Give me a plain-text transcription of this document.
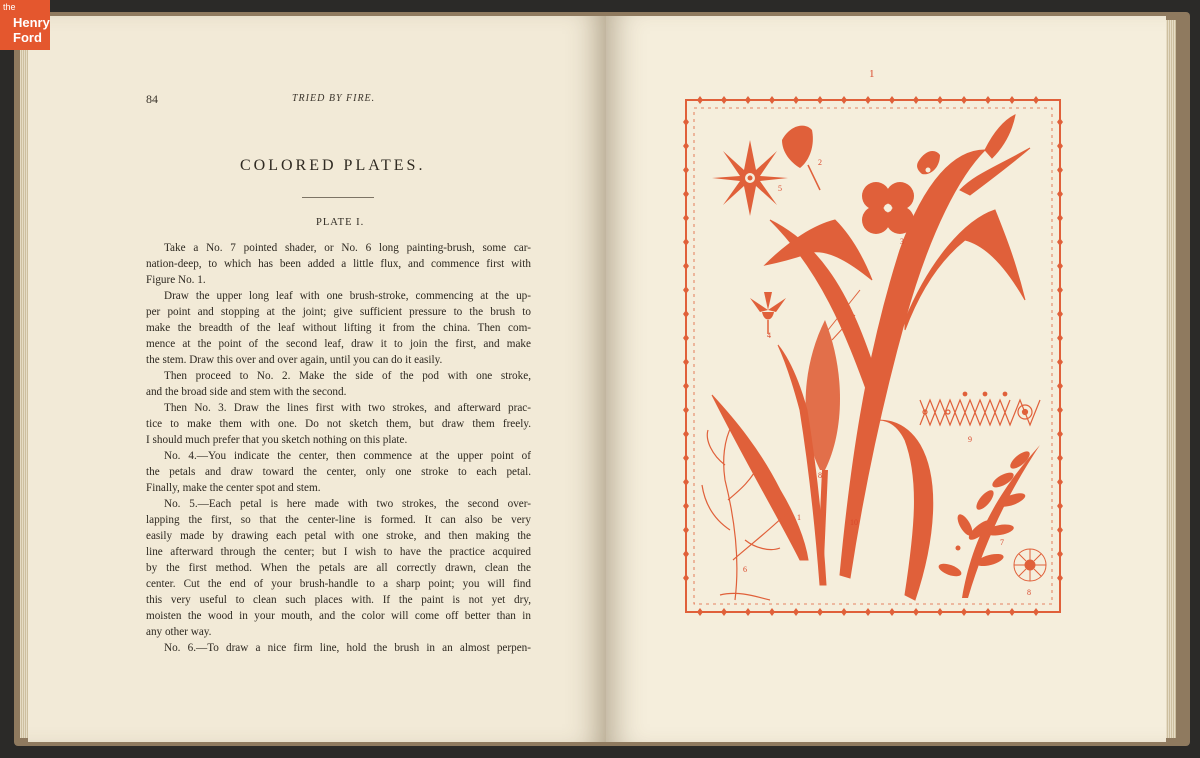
the
Henry
Ford
84	TRIED BY FIRE.
COLORED PLATES.
PLATE I.
Take a No. 7 pointed shader, or No. 6 long painting-brush, some car-
nation-deep, to which has been added a little flux, and commence first with
Figure No. 1.
Draw the upper long leaf with one brush-stroke, commencing at the up-
per point and stopping at the joint; give sufficient pressure to the brush to
make the breadth of the leaf without lifting it from the china. Then com-
mence at the point of the second leaf, draw it to join the first, and make
the stem. Draw this over and over again, until you can do it easily.
Then proceed to No. 2. Make the side of the pod with one stroke,
and the broad side and stem with the second.
Then No. 3. Draw the lines first with two strokes, and afterward prac-
tice to make them with one. Do not sketch them, but draw them freely.
I should much prefer that you sketch nothing on this plate.
No. 4.—You indicate the center, then commence at the upper point of
the petals and draw toward the center, only one stroke to each petal.
Finally, make the center spot and stem.
No. 5.—Each petal is here made with two strokes, the second over-
lapping the first, so that the center-line is formed. It can also be very
easily made by drawing each petal with one stroke, and then making the
line afterward through the center; but I wish to have the practice acquired
by the first method. When the petals are all correctly drawn, clean the
center. Cut the end of your brush-handle to a sharp point; you will find
this very useful to clean such places with. If the paint is not yet dry,
moisten the wood in your mouth, and the color will come off better than in
any other way.
No. 6.—To draw a nice firm line, hold the brush in an almost perpen-
1
1
2
3
4
5
6
7
8
9
10
8
